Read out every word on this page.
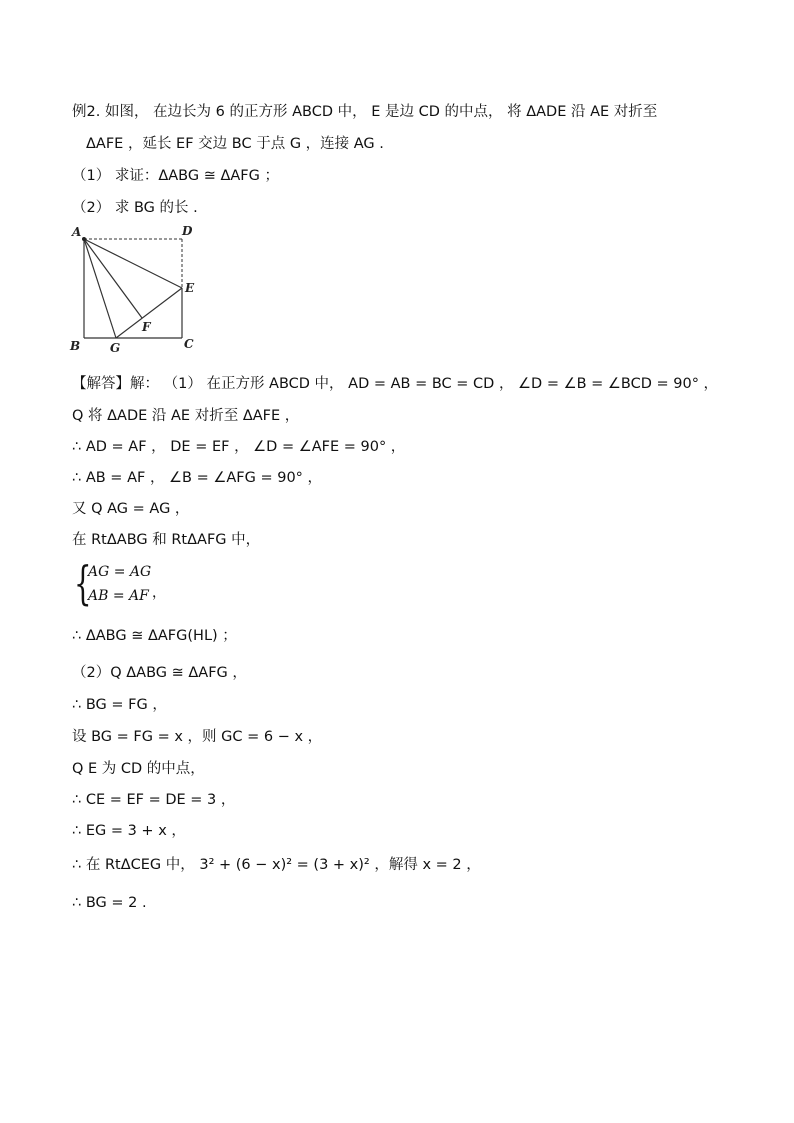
例2. 如图， 在边长为 6 的正方形 ABCD 中， E 是边 CD 的中点， 将 ΔADE 沿 AE 对折至
ΔAFE ，延长 EF 交边 BC 于点 G ，连接 AG .
（1） 求证：ΔABG ≅ ΔAFG ；
（2） 求 BG 的长 .
A	D
E
F
C
B G
【解答】解： （1） 在正方形 ABCD 中， AD = AB = BC = CD ， ∠D = ∠B = ∠BCD = 90° ，
Q 将 ΔADE 沿 AE 对折至 ΔAFE ，
∴ AD = AF ， DE = EF ， ∠D = ∠AFE = 90° ，
∴ AB = AF ， ∠B = ∠AFG = 90° ，
又 Q AG = AG ，
在 RtΔABG 和 RtΔAFG 中，
{
AG = AG
AB = AF ，
∴ ΔABG ≅ ΔAFG(HL) ；
（2）Q ΔABG ≅ ΔAFG ，
∴ BG = FG ，
设 BG = FG = x ，则 GC = 6 − x ，
Q E 为 CD 的中点，
∴ CE = EF = DE = 3 ，
∴ EG = 3 + x ，
∴ 在 RtΔCEG 中， 3² + (6 − x)² = (3 + x)² ，解得 x = 2 ，
∴ BG = 2 .
